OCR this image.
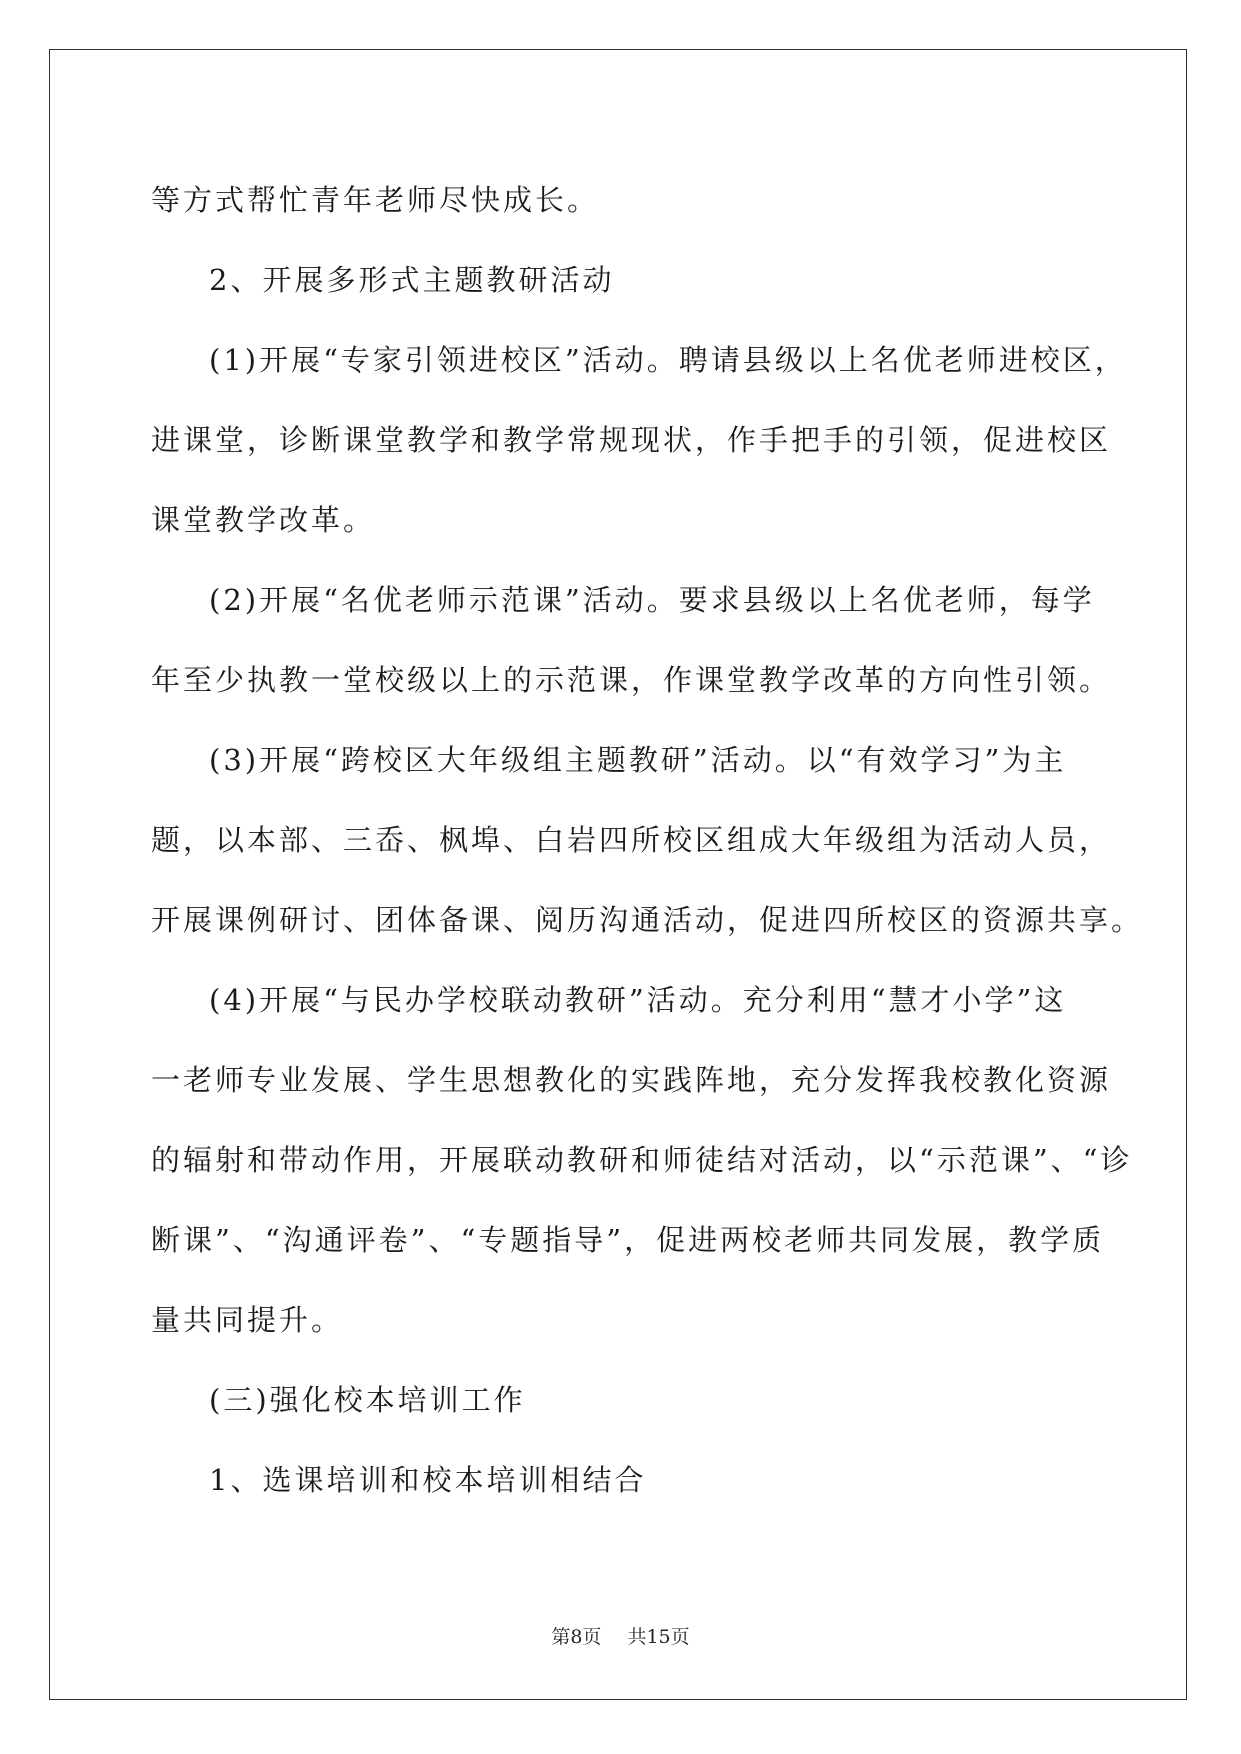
等方式帮忙青年老师尽快成长。
2、开展多形式主题教研活动
(1)开展“专家引领进校区”活动。聘请县级以上名优老师进校区，
进课堂，诊断课堂教学和教学常规现状，作手把手的引领，促进校区
课堂教学改革。
(2)开展“名优老师示范课”活动。要求县级以上名优老师，每学
年至少执教一堂校级以上的示范课，作课堂教学改革的方向性引领。
(3)开展“跨校区大年级组主题教研”活动。以“有效学习”为主
题，以本部、三岙、枫埠、白岩四所校区组成大年级组为活动人员，
开展课例研讨、团体备课、阅历沟通活动，促进四所校区的资源共享。
(4)开展“与民办学校联动教研”活动。充分利用“慧才小学”这
一老师专业发展、学生思想教化的实践阵地，充分发挥我校教化资源
的辐射和带动作用，开展联动教研和师徒结对活动，以“示范课”、“诊
断课”、“沟通评卷”、“专题指导”，促进两校老师共同发展，教学质
量共同提升。
(三)强化校本培训工作
1、选课培训和校本培训相结合
第8页 共15页
